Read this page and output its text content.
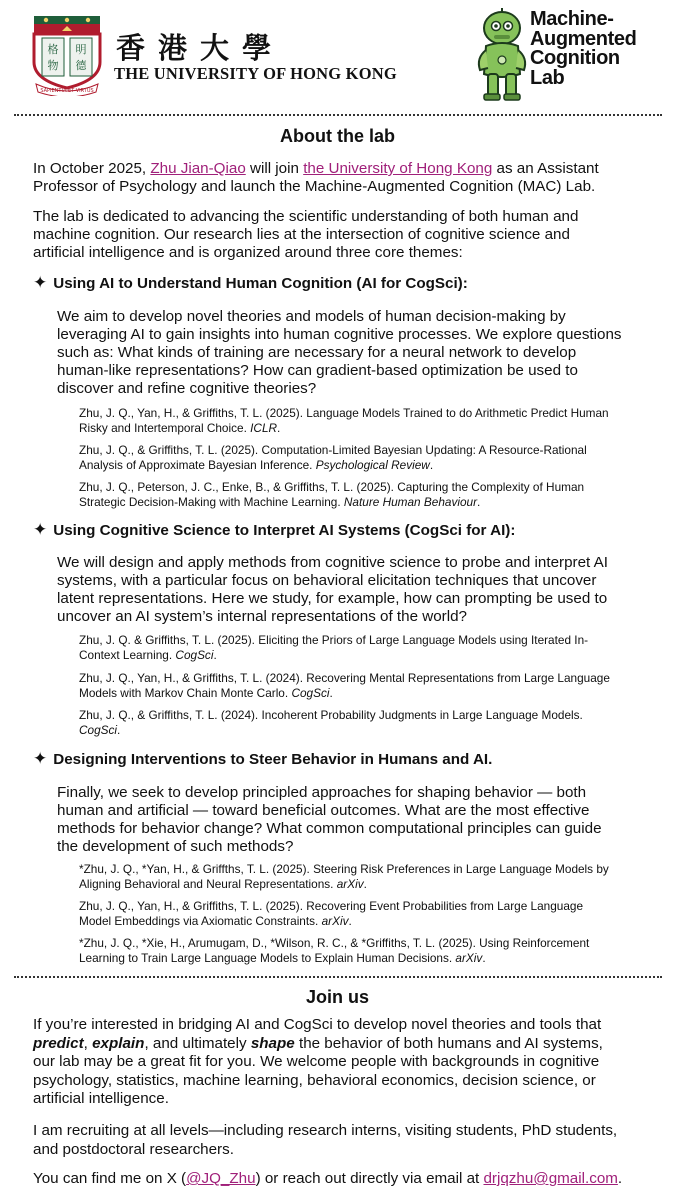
格 明
物 德
SAPIENTIA ET VIRTUS
香港大學
THE UNIVERSITY OF HONG KONG
Machine-
Augmented
Cognition
Lab
About the lab
In October 2025, Zhu Jian-Qiao will join the University of Hong Kong as an Assistant
Professor of Psychology and launch the Machine-Augmented Cognition (MAC) Lab.
The lab is dedicated to advancing the scientific understanding of both human and
machine cognition. Our research lies at the intersection of cognitive science and
artificial intelligence and is organized around three core themes:
✦ Using AI to Understand Human Cognition (AI for CogSci):
We aim to develop novel theories and models of human decision-making by
leveraging AI to gain insights into human cognitive processes. We explore questions
such as: What kinds of training are necessary for a neural network to develop
human-like representations? How can gradient-based optimization be used to
discover and refine cognitive theories?
Zhu, J. Q., Yan, H., & Griffiths, T. L. (2025). Language Models Trained to do Arithmetic Predict Human
Risky and Intertemporal Choice. ICLR.
Zhu, J. Q., & Griffiths, T. L. (2025). Computation-Limited Bayesian Updating: A Resource-Rational
Analysis of Approximate Bayesian Inference. Psychological Review.
Zhu, J. Q., Peterson, J. C., Enke, B., & Griffiths, T. L. (2025). Capturing the Complexity of Human
Strategic Decision-Making with Machine Learning. Nature Human Behaviour.
✦ Using Cognitive Science to Interpret AI Systems (CogSci for AI):
We will design and apply methods from cognitive science to probe and interpret AI
systems, with a particular focus on behavioral elicitation techniques that uncover
latent representations. Here we study, for example, how can prompting be used to
uncover an AI system’s internal representations of the world?
Zhu, J. Q. & Griffiths, T. L. (2025). Eliciting the Priors of Large Language Models using Iterated In-
Context Learning. CogSci.
Zhu, J. Q., Yan, H., & Griffiths, T. L. (2024). Recovering Mental Representations from Large Language
Models with Markov Chain Monte Carlo. CogSci.
Zhu, J. Q., & Griffiths, T. L. (2024). Incoherent Probability Judgments in Large Language Models.
CogSci.
✦ Designing Interventions to Steer Behavior in Humans and AI.
Finally, we seek to develop principled approaches for shaping behavior — both
human and artificial — toward beneficial outcomes. What are the most effective
methods for behavior change? What common computational principles can guide
the development of such methods?
*Zhu, J. Q., *Yan, H., & Griffths, T. L. (2025). Steering Risk Preferences in Large Language Models by
Aligning Behavioral and Neural Representations. arXiv.
Zhu, J. Q., Yan, H., & Griffiths, T. L. (2025). Recovering Event Probabilities from Large Language
Model Embeddings via Axiomatic Constraints. arXiv.
*Zhu, J. Q., *Xie, H., Arumugam, D., *Wilson, R. C., & *Griffiths, T. L. (2025). Using Reinforcement
Learning to Train Large Language Models to Explain Human Decisions. arXiv.
Join us
If you’re interested in bridging AI and CogSci to develop novel theories and tools that
predict, explain, and ultimately shape the behavior of both humans and AI systems,
our lab may be a great fit for you. We welcome people with backgrounds in cognitive
psychology, statistics, machine learning, behavioral economics, decision science, or
artificial intelligence.
I am recruiting at all levels—including research interns, visiting students, PhD students,
and postdoctoral researchers.
You can find me on X (@JQ_Zhu) or reach out directly via email at drjqzhu@gmail.com.
